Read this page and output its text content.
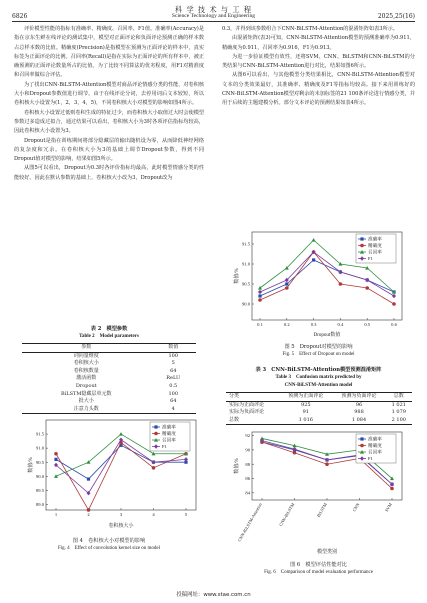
科 学 技 术 与 工 程
6826	Science Technology and Engineering	2025,25(16)

评价模型性能的指标有准确率、精确度、召回率、F1值。准确率(Accuracy)是指在京东生鲜在线评论的测试集中，模型对正面评论和负面评论预测正确的样本数占总样本数的比值。精确度(Precision)是指模型在预测为正面评论的样本中，真实标签为正面评论的比例。召回率(Recall)是指在实际为正面评论的所有样本中，被正确预测的正面评论数量所占的比值。为了比较不同算法的优劣程度，用F1对精准度和召回率做综合评估。

为了找出CNN-BiLSTM-Attention模型对商品评论情感分类的性能，对卷积核大小和Dropout参数值进行调节。由于在线评论分词，去停用词后文本较短，所以卷积核大小设置为(1，2，3，4，5)，不同卷积核大小对模型的影响如图4所示。

卷积核大小设置过低则卷积生成的特征过少，而卷积核大小取值过大时会使模型参数过多造成过拟合，通过结果可以看出，卷积核大小为3时各项评估指标均较高，因此卷积核大小设置为3。

Dropout是指在训练期间将部分隐藏层的输出随机设为零，从而降低神经网络的复杂度和冗余。在卷积核大小为3的基础上调节Dropout参数，得到不同Dropout值对模型的影响，结果如图5所示。

从图5可以看出，Dropout为0.3时各评价指标均最高，此时模型情感分类的性能较好。因此在默认参数的基础上，卷积核大小改为3，Dropout改为

表 2　模型参数
Table 2　Model parameters
参数	数值
词向量维度	100
卷积核大小	5
卷积核数量	64
激活函数	ReLU
Dropout	0.5
BiLSTM隐藏层单元数	100
批大小	64
注意力头数	4
89.0
89.5
90.0
90.5
91.0
91.5
1	2	3	4	5
卷积核大小
数值/%
准确率
精确度
召回率
F1
图 4　卷积核大小对模型的影响
Fig. 4　Effect of convolution kernel size on model

0.3，并得到该参数组合下CNN-BiLSTM-Attention的混淆矩阵如表3所示。

由混淆矩阵(表3)可知，CNN-BiLSTM-Attention模型的预测准确率为0.911，精确度为0.911，召回率为0.916，F1为0.913。

为进一步验证模型有效性，还将SVM、CNN、BiLSTM和CNN-BiLSTM的分类结果与CNN-BiLSTM-Attention进行对比，结果如图6所示。

从图6可以看出，与其他模型分类结果相比，CNN-BiLSTM-Attention模型对文本的分类效果最好，其准确率、精确度及F1等指标均较高。接下来用训练好的CNN-BiLSTM-Attention模型对剩余的未加标签的21 100条评论进行情感分类，并用于后续的主题建模分析。部分文本评论的预测结果如表4所示。

90.0
90.5
91.0
91.5
0.1	0.2	0.3	0.4	0.5	0.6
Dropout数值
数值/%
准确率
精确度
召回率
F1
图 5　Dropout对模型的影响
Fig. 5　Effect of Dropout on model
表 3　CNN-BiLSTM-Attention模型预测混淆矩阵
Table 3　Confusion matrix predicted by
CNN-BiLSTM-Attention model
分类	预测为正面评论	预测为负面评论	总数
实际为正面评论	925	96	1 021
实际为负面评论	91	988	1 079
总数	1 016	1 084	2 100
84
86
88
90
92
CNN-BiLSTM-Attention	CNN-BiLSTM	BiLSTM	CNN	SVM
模型类别
数值/%
准确率
精确度
召回率
F1
图 6　模型评估性能对比
Fig. 6　Comparison of model evaluation performance
投稿网址：www.stae.com.cn
